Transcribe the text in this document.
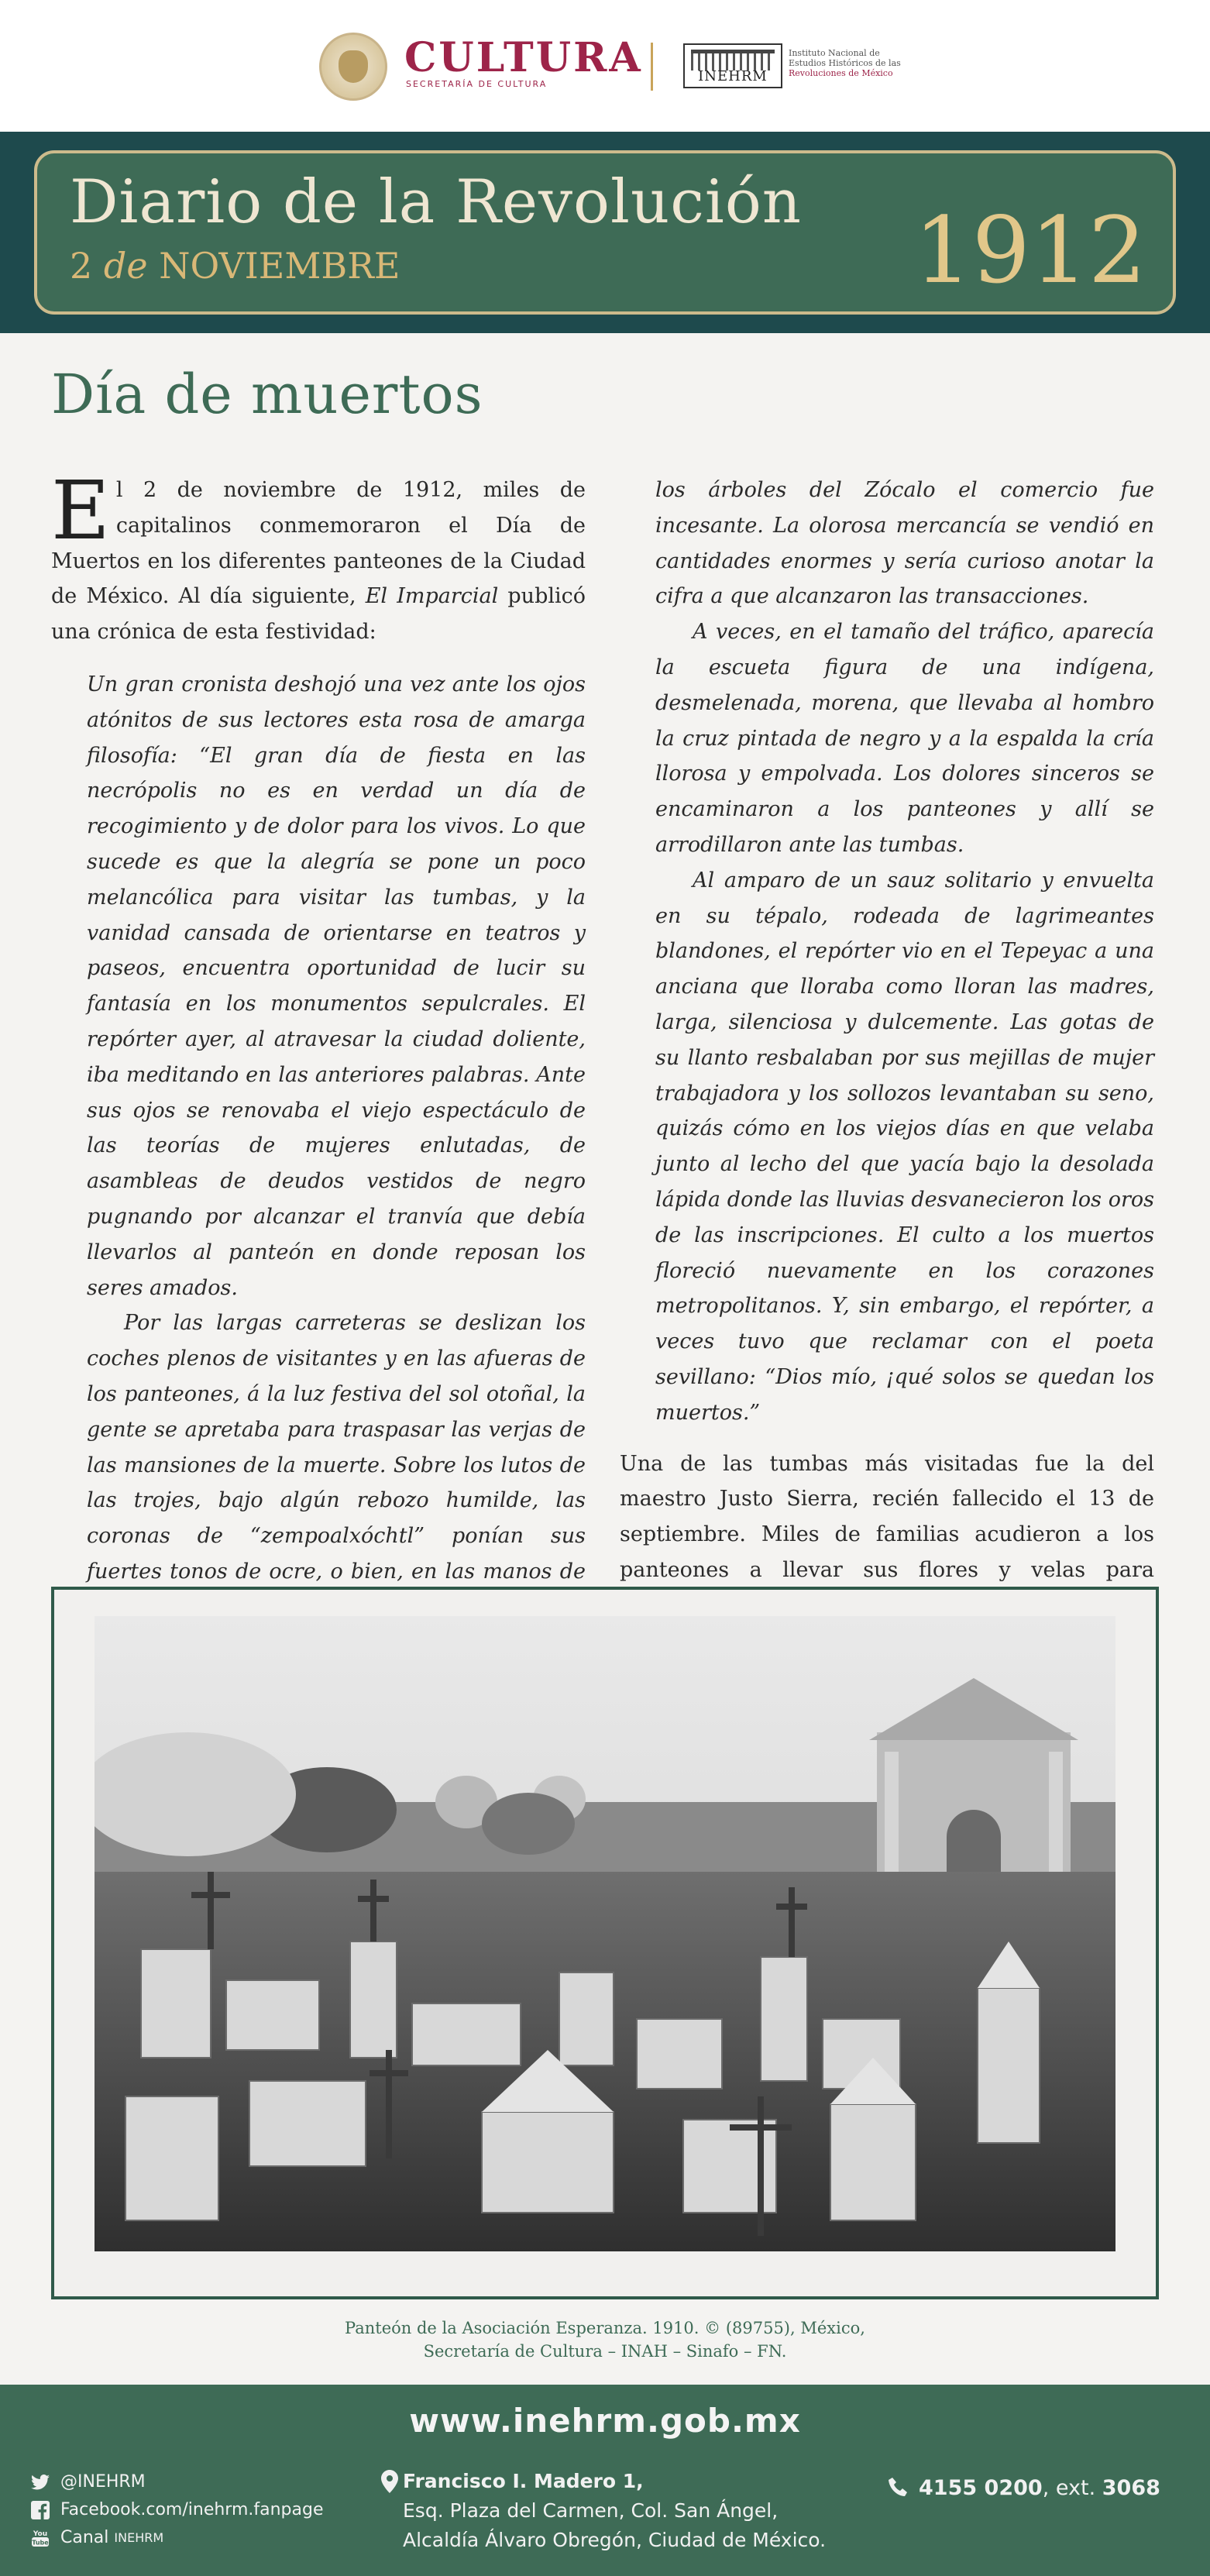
CULTURA
SECRETARÍA DE CULTURA	INEHRM
Instituto Nacional de
Estudios Históricos de las
Revoluciones de México
Diario de la Revolución
2 de NOVIEMBRE	1912
Día de muertos

El 2 de noviembre de 1912, miles de capitalinos conmemoraron el Día de Muertos en los diferentes panteones de la Ciudad de México. Al día siguiente, El Imparcial publicó una crónica de esta festividad:

Un gran cronista deshojó una vez ante los ojos atónitos de sus lectores esta rosa de amarga filosofía: “El gran día de fiesta en las necrópolis no es en verdad un día de recogimiento y de dolor para los vivos. Lo que sucede es que la alegría se pone un poco melancólica para visitar las tumbas, y la vanidad cansada de orientarse en teatros y paseos, encuentra oportunidad de lucir su fantasía en los monumentos sepulcrales. El repórter ayer, al atravesar la ciudad doliente, iba meditando en las anteriores palabras. Ante sus ojos se renovaba el viejo espectáculo de las teorías de mujeres enlutadas, de asambleas de deudos vestidos de negro pugnando por alcanzar el tranvía que debía llevarlos al panteón en donde reposan los seres amados.

Por las largas carreteras se deslizan los coches plenos de visitantes y en las afueras de los panteones, á la luz festiva del sol otoñal, la gente se apretaba para traspasar las verjas de las mansiones de la muerte. Sobre los lutos de las trojes, bajo algún rebozo humilde, las coronas de “zempoalxóchtl” ponían sus fuertes tonos de ocre, o bien, en las manos de

los árboles del Zócalo el comercio fue incesante. La olorosa mercancía se vendió en cantidades enormes y sería curioso anotar la cifra a que alcanzaron las transacciones.

A veces, en el tamaño del tráfico, aparecía la escueta figura de una indígena, desmelenada, morena, que llevaba al hombro la cruz pintada de negro y a la espalda la cría llorosa y empolvada. Los dolores sinceros se encaminaron a los panteones y allí se arrodillaron ante las tumbas.

Al amparo de un sauz solitario y envuelta en su tépalo, rodeada de lagrimeantes blandones, el repórter vio en el Tepeyac a una anciana que lloraba como lloran las madres, larga, silenciosa y dulcemente. Las gotas de su llanto resbalaban por sus mejillas de mujer trabajadora y los sollozos levantaban su seno, quizás cómo en los viejos días en que velaba junto al lecho del que yacía bajo la desolada lápida donde las lluvias desvanecieron los oros de las inscripciones. El culto a los muertos floreció nuevamente en los corazones metropolitanos. Y, sin embargo, el repórter, a veces tuvo que reclamar con el poeta sevillano: “Dios mío, ¡qué solos se quedan los muertos.”

Una de las tumbas más visitadas fue la del maestro Justo Sierra, recién fallecido el 13 de septiembre. Miles de familias acudieron a los panteones a llevar sus flores y velas para

Panteón de la Asociación Esperanza. 1910. © (89755), México,
Secretaría de Cultura – INAH – Sinafo – FN.
www.inehrm.gob.mx
@INEHRM
Facebook.com/inehrm.fanpage
You
Tube Canal
INEHRM
Francisco I. Madero 1,
Esq. Plaza del Carmen, Col. San Ángel,
Alcaldía Álvaro Obregón, Ciudad de México.
4155 0200, ext. 3068
